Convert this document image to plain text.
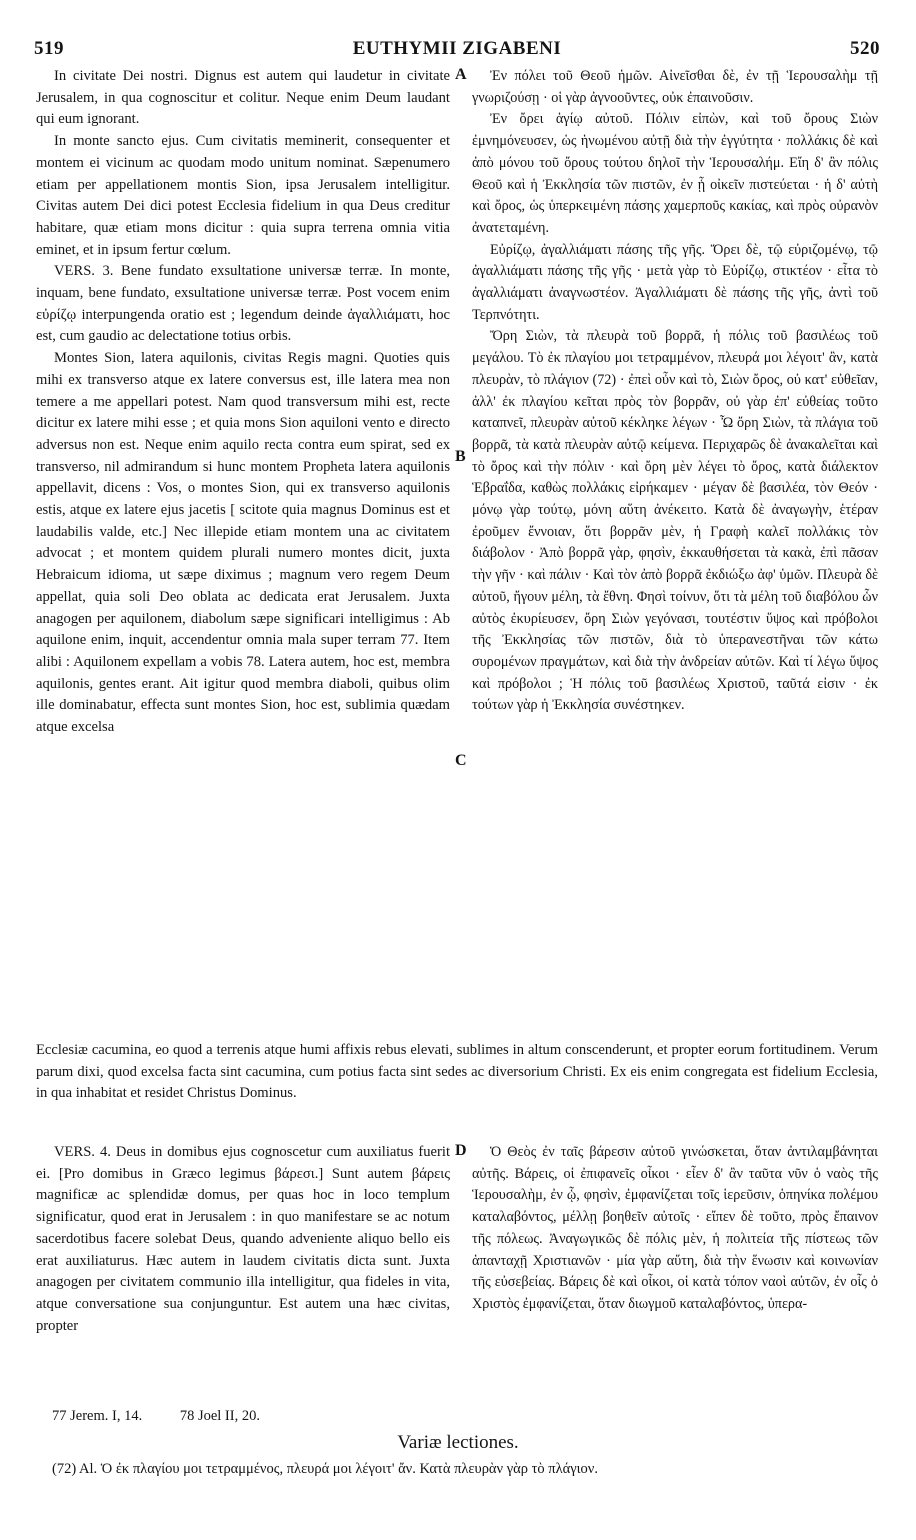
519	EUTHYMII ZIGABENI	520

In civitate Dei nostri. Dignus est autem qui laudetur in civitate Jerusalem, in qua cognoscitur et colitur. Neque enim Deum laudant qui eum ignorant.

In monte sancto ejus. Cum civitatis meminerit, consequenter et montem ei vicinum ac quodam modo unitum nominat. Sæpenumero etiam per appellationem montis Sion, ipsa Jerusalem intelligitur. Civitas autem Dei dici potest Ecclesia fidelium in qua Deus creditur habitare, quæ etiam mons dicitur : quia supra terrena omnia vitia eminet, et in ipsum fertur cœlum.

VERS. 3. Bene fundato exsultatione universæ terræ. In monte, inquam, bene fundato, exsultatione universæ terræ. Post vocem enim εὐρίζῳ interpungenda oratio est ; legendum deinde ἀγαλλιάματι, hoc est, cum gaudio ac delectatione totius orbis.

Montes Sion, latera aquilonis, civitas Regis magni. Quoties quis mihi ex transverso atque ex latere conversus est, ille latera mea non temere a me appellari potest. Nam quod transversum mihi est, recte dicitur ex latere mihi esse ; et quia mons Sion aquiloni vento e directo adversus non est. Neque enim aquilo recta contra eum spirat, sed ex transverso, nil admirandum si hunc montem Propheta latera aquilonis appellavit, dicens : Vos, o montes Sion, qui ex transverso aquilonis estis, atque ex latere ejus jacetis [ scitote quia magnus Dominus est et laudabilis valde, etc.] Nec illepide etiam montem una ac civitatem advocat ; et montem quidem plurali numero montes dicit, juxta Hebraicum idioma, ut sæpe diximus ; magnum vero regem Deum appellat, quia soli Deo oblata ac dedicata erat Jerusalem. Juxta anagogen per aquilonem, diabolum sæpe significari intelligimus : Ab aquilone enim, inquit, accendentur omnia mala super terram 77. Item alibi : Aquilonem expellam a vobis 78. Latera autem, hoc est, membra aquilonis, gentes erant. Ait igitur quod membra diaboli, quibus olim ille dominabatur, effecta sunt montes Sion, hoc est, sublimia quædam atque excelsa

Ἐν πόλει τοῦ Θεοῦ ἡμῶν. Αἰνεῖσθαι δὲ, ἐν τῇ Ἱερουσαλὴμ τῇ γνωριζούσῃ · οἱ γὰρ ἀγνοοῦντες, οὐκ ἐπαινοῦσιν.

Ἐν ὄρει ἁγίῳ αὐτοῦ. Πόλιν εἰπὼν, καὶ τοῦ ὄρους Σιὼν ἐμνημόνευσεν, ὡς ἡνωμένου αὐτῇ διὰ τὴν ἐγγύτητα · πολλάκις δὲ καὶ ἀπὸ μόνου τοῦ ὄρους τούτου δηλοῖ τὴν Ἱερουσαλήμ. Εἴη δ' ἂν πόλις Θεοῦ καὶ ἡ Ἐκκλησία τῶν πιστῶν, ἐν ᾗ οἰκεῖν πιστεύεται · ἡ δ' αὐτὴ καὶ ὄρος, ὡς ὑπερκειμένη πάσης χαμερποῦς κακίας, καὶ πρὸς οὐρανὸν ἀνατεταμένη.

Εὐρίζῳ, ἀγαλλιάματι πάσης τῆς γῆς. Ὄρει δὲ, τῷ εὐριζομένῳ, τῷ ἀγαλλιάματι πάσης τῆς γῆς · μετὰ γὰρ τὸ Εὐρίζῳ, στικτέον · εἶτα τὸ ἀγαλλιάματι ἀναγνωστέον. Ἀγαλλιάματι δὲ πάσης τῆς γῆς, ἀντὶ τοῦ Τερπνότητι.

Ὄρη Σιὼν, τὰ πλευρὰ τοῦ βορρᾶ, ἡ πόλις τοῦ βασιλέως τοῦ μεγάλου. Τὸ ἐκ πλαγίου μοι τετραμμένον, πλευρά μοι λέγοιτ' ἂν, κατὰ πλευρὰν, τὸ πλάγιον (72) · ἐπεὶ οὖν καὶ τὸ, Σιὼν ὄρος, οὐ κατ' εὐθεῖαν, ἀλλ' ἐκ πλαγίου κεῖται πρὸς τὸν βορρᾶν, οὐ γὰρ ἐπ' εὐθείας τοῦτο καταπνεῖ, πλευρὰν αὐτοῦ κέκληκε λέγων · Ὦ ὄρη Σιὼν, τὰ πλάγια τοῦ βορρᾶ, τὰ κατὰ πλευρὰν αὐτῷ κείμενα. Περιχαρῶς δὲ ἀνακαλεῖται καὶ τὸ ὄρος καὶ τὴν πόλιν · καὶ ὄρη μὲν λέγει τὸ ὄρος, κατὰ διάλεκτον Ἑβραΐδα, καθὼς πολλάκις εἰρήκαμεν · μέγαν δὲ βασιλέα, τὸν Θεόν · μόνῳ γὰρ τούτῳ, μόνη αὕτη ἀνέκειτο. Κατὰ δὲ ἀναγωγὴν, ἑτέραν ἐροῦμεν ἔννοιαν, ὅτι βορρᾶν μὲν, ἡ Γραφὴ καλεῖ πολλάκις τὸν διάβολον · Ἀπὸ βορρᾶ γὰρ, φησὶν, ἐκκαυθήσεται τὰ κακὰ, ἐπὶ πᾶσαν τὴν γῆν · καὶ πάλιν · Καὶ τὸν ἀπὸ βορρᾶ ἐκδιώξω ἀφ' ὑμῶν. Πλευρὰ δὲ αὐτοῦ, ἤγουν μέλη, τὰ ἔθνη. Φησὶ τοίνυν, ὅτι τὰ μέλη τοῦ διαβόλου ὧν αὐτὸς ἐκυρίευσεν, ὄρη Σιὼν γεγόνασι, τουτέστιν ὕψος καὶ πρόβολοι τῆς Ἐκκλησίας τῶν πιστῶν, διὰ τὸ ὑπερανεστῆναι τῶν κάτω συρομένων πραγμάτων, καὶ διὰ τὴν ἀνδρείαν αὐτῶν. Καὶ τί λέγω ὕψος καὶ πρόβολοι ; Ἡ πόλις τοῦ βασιλέως Χριστοῦ, ταῦτά εἰσιν · ἐκ τούτων γὰρ ἡ Ἐκκλησία συνέστηκεν.

A
B
C
D

Ecclesiæ cacumina, eo quod a terrenis atque humi affixis rebus elevati, sublimes in altum conscenderunt, et propter eorum fortitudinem. Verum parum dixi, quod excelsa facta sint cacumina, cum potius facta sint sedes ac diversorium Christi. Ex eis enim congregata est fidelium Ecclesia, in qua inhabitat et residet Christus Dominus.

VERS. 4. Deus in domibus ejus cognoscetur cum auxiliatus fuerit ei. [Pro domibus in Græco legimus βάρεσι.] Sunt autem βάρεις magnificæ ac splendidæ domus, per quas hoc in loco templum significatur, quod erat in Jerusalem : in quo manifestare se ac notum sacerdotibus facere solebat Deus, quando adveniente aliquo bello eis erat auxiliaturus. Hæc autem in laudem civitatis dicta sunt. Juxta anagogen per civitatem communio illa intelligitur, qua fideles in vita, atque conversatione sua conjunguntur. Est autem una hæc civitas, propter

Ὁ Θεὸς ἐν ταῖς βάρεσιν αὐτοῦ γινώσκεται, ὅταν ἀντιλαμβάνηται αὐτῆς. Βάρεις, οἱ ἐπιφανεῖς οἶκοι · εἶεν δ' ἂν ταῦτα νῦν ὁ ναὸς τῆς Ἱερουσαλὴμ, ἐν ᾧ, φησὶν, ἐμφανίζεται τοῖς ἱερεῦσιν, ὁπηνίκα πολέμου καταλαβόντος, μέλλῃ βοηθεῖν αὐτοῖς · εἴπεν δὲ τοῦτο, πρὸς ἔπαινον τῆς πόλεως. Ἀναγωγικῶς δὲ πόλις μὲν, ἡ πολιτεία τῆς πίστεως τῶν ἁπανταχῇ Χριστιανῶν · μία γὰρ αὕτη, διὰ τὴν ἕνωσιν καὶ κοινωνίαν τῆς εὐσεβείας. Βάρεις δὲ καὶ οἶκοι, οἱ κατὰ τόπον ναοὶ αὐτῶν, ἐν οἷς ὁ Χριστὸς ἐμφανίζεται, ὅταν διωγμοῦ καταλαβόντος, ὑπερα-

77 Jerem. I, 14.	78 Joel II, 20.
Variæ lectiones.
(72) Al. Ὁ ἐκ πλαγίου μοι τετραμμένος, πλευρά μοι λέγοιτ' ἄν. Κατὰ πλευρὰν γὰρ τὸ πλάγιον.
